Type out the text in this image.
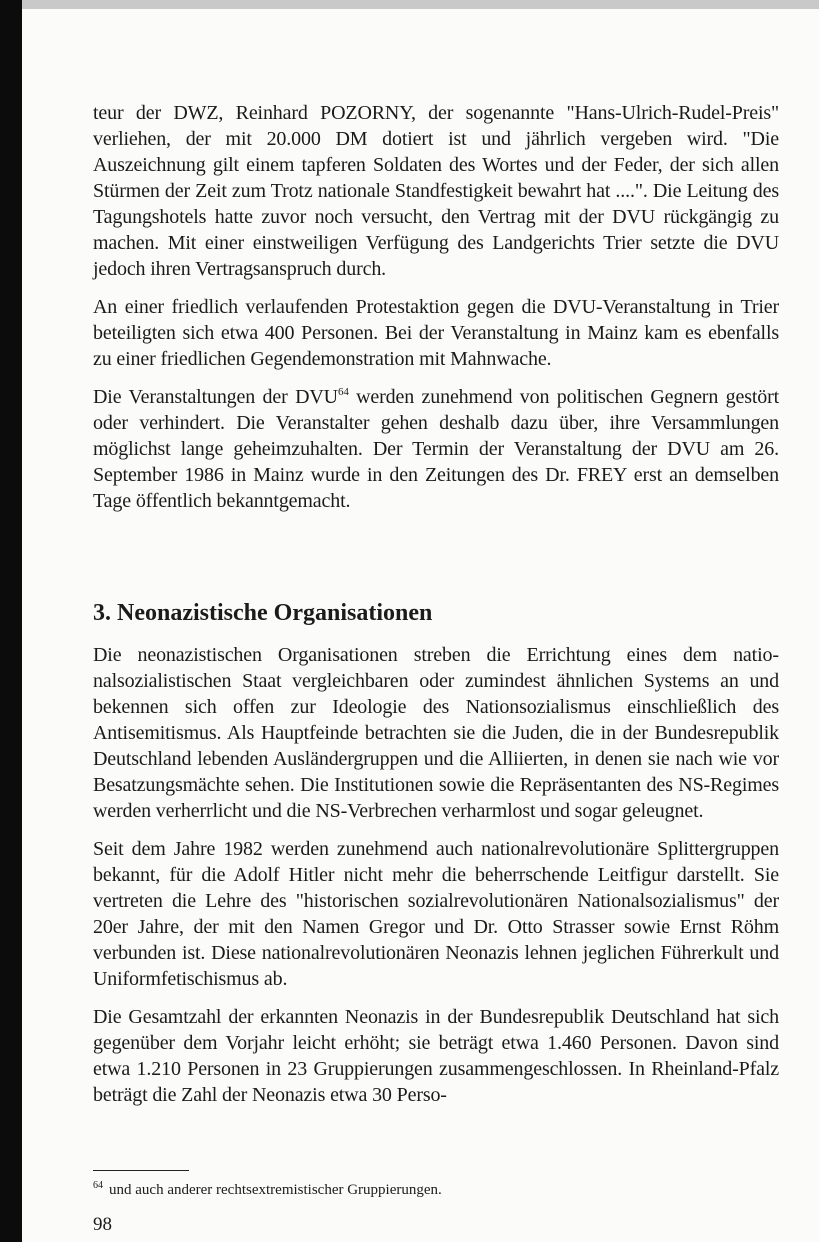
teur der DWZ, Reinhard POZORNY, der sogenannte "Hans-Ulrich-Rudel-Preis" verliehen, der mit 20.000 DM dotiert ist und jährlich vergeben wird. "Die Auszeichnung gilt einem tapferen Soldaten des Wortes und der Feder, der sich allen Stürmen der Zeit zum Trotz nationale Standfestigkeit bewahrt hat ....". Die Leitung des Tagungshotels hatte zuvor noch versucht, den Vertrag mit der DVU rückgängig zu machen. Mit einer einstweiligen Verfügung des Landgerichts Trier setzte die DVU jedoch ihren Vertragsanspruch durch.

An einer friedlich verlaufenden Protestaktion gegen die DVU-Veranstaltung in Trier beteiligten sich etwa 400 Personen. Bei der Veranstaltung in Mainz kam es ebenfalls zu einer friedlichen Gegendemonstration mit Mahnwache.

Die Veranstaltungen der DVU$^{64}$ werden zunehmend von politischen Gegnern gestört oder verhindert. Die Veranstalter gehen deshalb dazu über, ihre Versammlungen möglichst lange geheimzuhalten. Der Termin der Veranstaltung der DVU am 26. September 1986 in Mainz wurde in den Zeitungen des Dr. FREY erst an demselben Tage öffentlich bekanntgemacht.

3. Neonazistische Organisationen

Die neonazistischen Organisationen streben die Errichtung eines dem nationalsozialistischen Staat vergleichbaren oder zumindest ähnlichen Systems an und bekennen sich offen zur Ideologie des Nationsozialismus einschließlich des Antisemitismus. Als Hauptfeinde betrachten sie die Juden, die in der Bundesrepublik Deutschland lebenden Ausländergruppen und die Alliierten, in denen sie nach wie vor Besatzungsmächte sehen. Die Institutionen sowie die Repräsentanten des NS-Regimes werden verherrlicht und die NS-Verbrechen verharmlost und sogar geleugnet.

Seit dem Jahre 1982 werden zunehmend auch nationalrevolutionäre Splittergruppen bekannt, für die Adolf Hitler nicht mehr die beherrschende Leitfigur darstellt. Sie vertreten die Lehre des "historischen sozialrevolutionären Nationalsozialismus" der 20er Jahre, der mit den Namen Gregor und Dr. Otto Strasser sowie Ernst Röhm verbunden ist. Diese nationalrevolutionären Neonazis lehnen jeglichen Führerkult und Uniformfetischismus ab.

Die Gesamtzahl der erkannten Neonazis in der Bundesrepublik Deutschland hat sich gegenüber dem Vorjahr leicht erhöht; sie beträgt etwa 1.460 Personen. Davon sind etwa 1.210 Personen in 23 Gruppierungen zusammengeschlossen. In Rheinland-Pfalz beträgt die Zahl der Neonazis etwa 30 Perso-

$^{64}$ und auch anderer rechtsextremistischer Gruppierungen.
98
